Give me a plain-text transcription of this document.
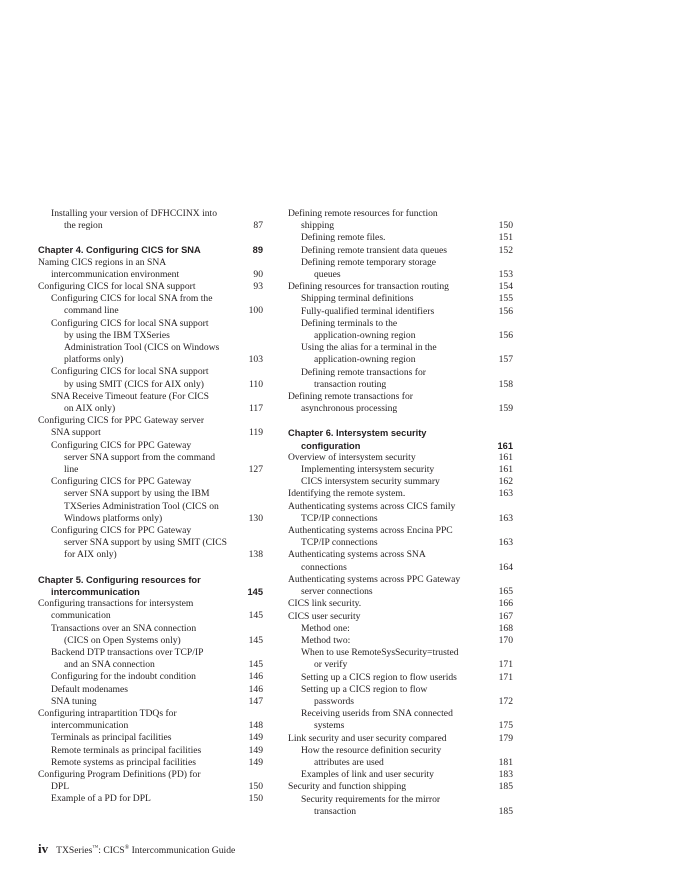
Installing your version of DFHCCINX into
the region . . .	87
Chapter 4. Configuring CICS for SNA . . .	89
Naming CICS regions in an SNA
intercommunication environment . . .	90
Configuring CICS for local SNA support . . .	93
Configuring CICS for local SNA from the
command line . . .	100
Configuring CICS for local SNA support
by using the IBM TXSeries
Administration Tool (CICS on Windows
platforms only) . . .	103
Configuring CICS for local SNA support
by using SMIT (CICS for AIX only) . . .	110
SNA Receive Timeout feature (For CICS
on AIX only) . . .	117
Configuring CICS for PPC Gateway server
SNA support . . .	119
Configuring CICS for PPC Gateway
server SNA support from the command
line . . .	127
Configuring CICS for PPC Gateway
server SNA support by using the IBM
TXSeries Administration Tool (CICS on
Windows platforms only) . . .	130
Configuring CICS for PPC Gateway
server SNA support by using SMIT (CICS
for AIX only) . . .	138
Chapter 5. Configuring resources for
intercommunication . . .	145
Configuring transactions for intersystem
communication . . .	145
Transactions over an SNA connection
(CICS on Open Systems only) . . .	145
Backend DTP transactions over TCP/IP
and an SNA connection . . .	145
Configuring for the indoubt condition	146
Default modenames . . .	146
SNA tuning . . .	147
Configuring intrapartition TDQs for
intercommunication . . .	148
Terminals as principal facilities . . .	149
Remote terminals as principal facilities	149
Remote systems as principal facilities . . .	149
Configuring Program Definitions (PD) for
DPL . . .	150
Example of a PD for DPL . . .	150
Defining remote resources for function
shipping . . .	150
Defining remote files. . . .	151
Defining remote transient data queues	152
Defining remote temporary storage
queues . . .	153
Defining resources for transaction routing	154
Shipping terminal definitions . . .	155
Fully-qualified terminal identifiers . . .	156
Defining terminals to the
application-owning region . . .	156
Using the alias for a terminal in the
application-owning region . . .	157
Defining remote transactions for
transaction routing . . .	158
Defining remote transactions for
asynchronous processing . . .	159
Chapter 6. Intersystem security
configuration . . .	161
Overview of intersystem security . . .	161
Implementing intersystem security . . .	161
CICS intersystem security summary . . .	162
Identifying the remote system. . . .	163
Authenticating systems across CICS family
TCP/IP connections . . .	163
Authenticating systems across Encina PPC
TCP/IP connections . . .	163
Authenticating systems across SNA
connections . . .	164
Authenticating systems across PPC Gateway
server connections . . .	165
CICS link security. . . .	166
CICS user security . . .	167
Method one: . . .	168
Method two: . . .	170
When to use RemoteSysSecurity=trusted
or verify . . .	171
Setting up a CICS region to flow userids	171
Setting up a CICS region to flow
passwords . . .	172
Receiving userids from SNA connected
systems . . .	175
Link security and user security compared	179
How the resource definition security
attributes are used . . .	181
Examples of link and user security . . .	183
Security and function shipping . . .	185
Security requirements for the mirror
transaction . . .	185
iv TXSeries™: CICS® Intercommunication Guide
